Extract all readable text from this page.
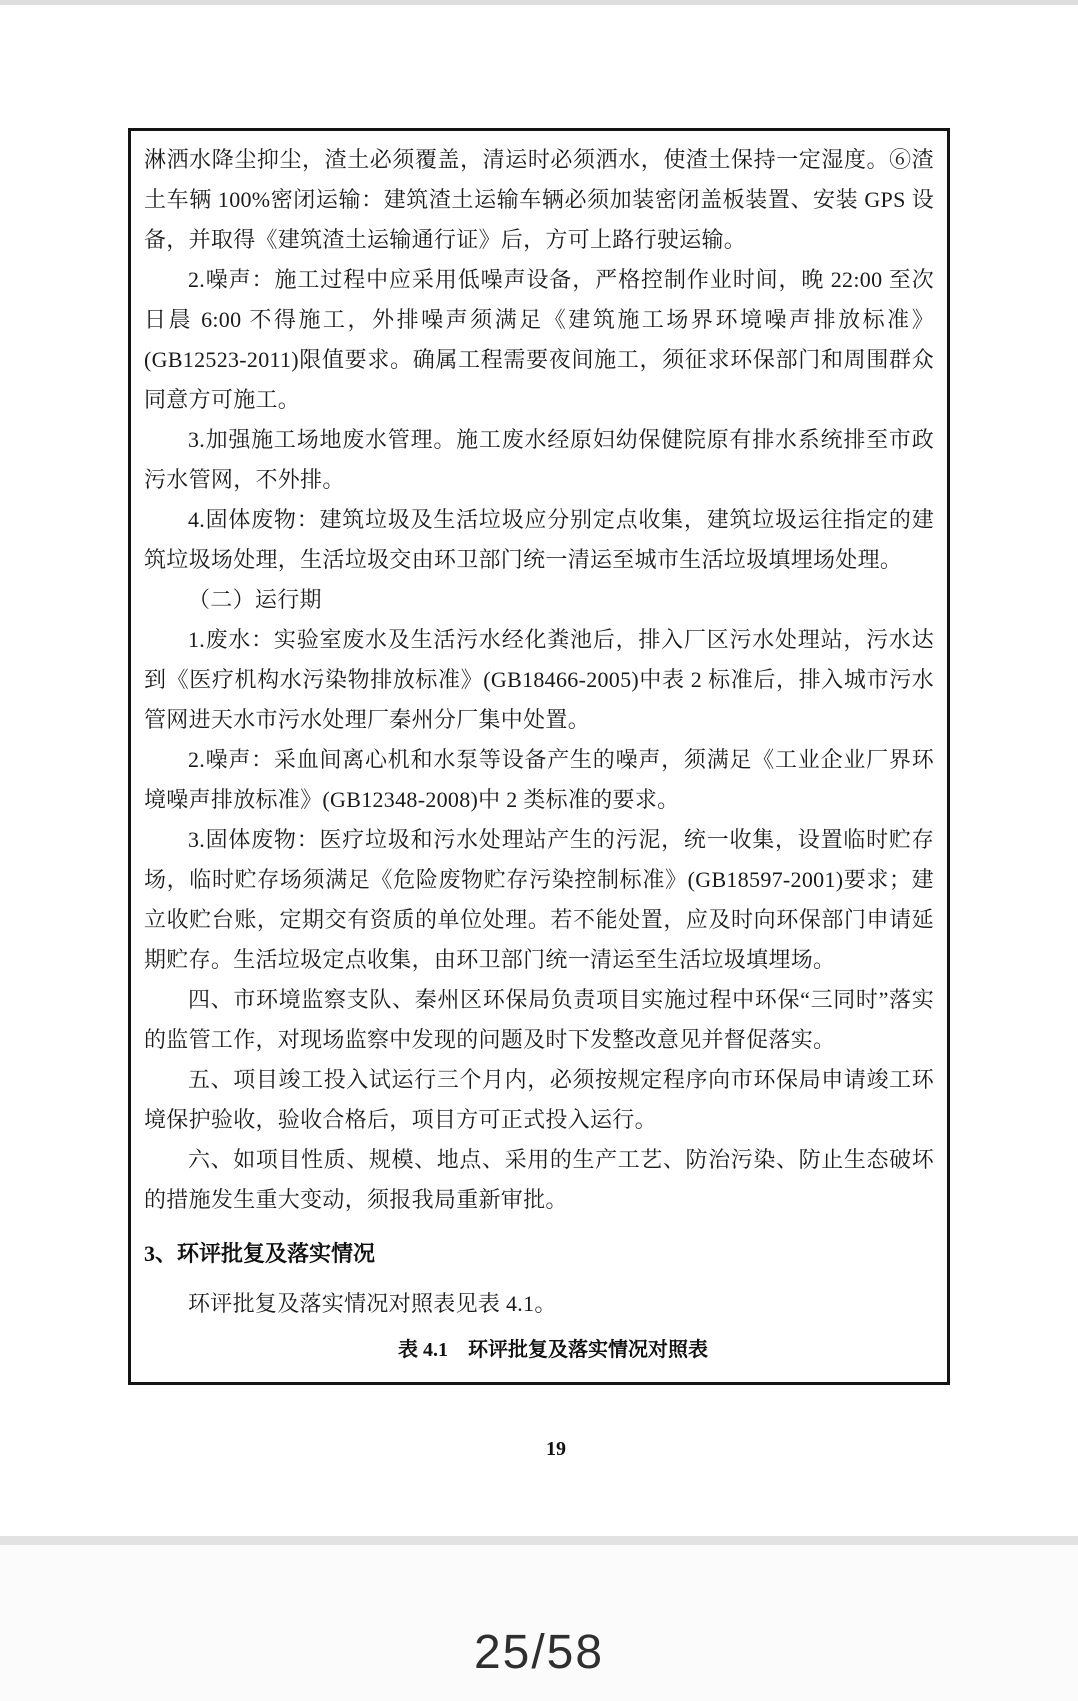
淋洒水降尘抑尘，渣土必须覆盖，清运时必须洒水，使渣土保持一定湿度。⑥渣土车辆 100%密闭运输：建筑渣土运输车辆必须加装密闭盖板装置、安装 GPS 设备，并取得《建筑渣土运输通行证》后，方可上路行驶运输。

2.噪声：施工过程中应采用低噪声设备，严格控制作业时间，晚 22:00 至次日晨 6:00 不得施工，外排噪声须满足《建筑施工场界环境噪声排放标准》(GB12523-2011)限值要求。确属工程需要夜间施工，须征求环保部门和周围群众同意方可施工。

3.加强施工场地废水管理。施工废水经原妇幼保健院原有排水系统排至市政污水管网，不外排。

4.固体废物：建筑垃圾及生活垃圾应分别定点收集，建筑垃圾运往指定的建筑垃圾场处理，生活垃圾交由环卫部门统一清运至城市生活垃圾填埋场处理。

（二）运行期

1.废水：实验室废水及生活污水经化粪池后，排入厂区污水处理站，污水达到《医疗机构水污染物排放标准》(GB18466-2005)中表 2 标准后，排入城市污水管网进天水市污水处理厂秦州分厂集中处置。

2.噪声：采血间离心机和水泵等设备产生的噪声，须满足《工业企业厂界环境噪声排放标准》(GB12348-2008)中 2 类标准的要求。

3.固体废物：医疗垃圾和污水处理站产生的污泥，统一收集，设置临时贮存场，临时贮存场须满足《危险废物贮存污染控制标准》(GB18597-2001)要求；建立收贮台账，定期交有资质的单位处理。若不能处置，应及时向环保部门申请延期贮存。生活垃圾定点收集，由环卫部门统一清运至生活垃圾填埋场。

四、市环境监察支队、秦州区环保局负责项目实施过程中环保“三同时”落实的监管工作，对现场监察中发现的问题及时下发整改意见并督促落实。

五、项目竣工投入试运行三个月内，必须按规定程序向市环保局申请竣工环境保护验收，验收合格后，项目方可正式投入运行。

六、如项目性质、规模、地点、采用的生产工艺、防治污染、防止生态破坏的措施发生重大变动，须报我局重新审批。

3、环评批复及落实情况

环评批复及落实情况对照表见表 4.1。

表 4.1　环评批复及落实情况对照表

19
25/58
